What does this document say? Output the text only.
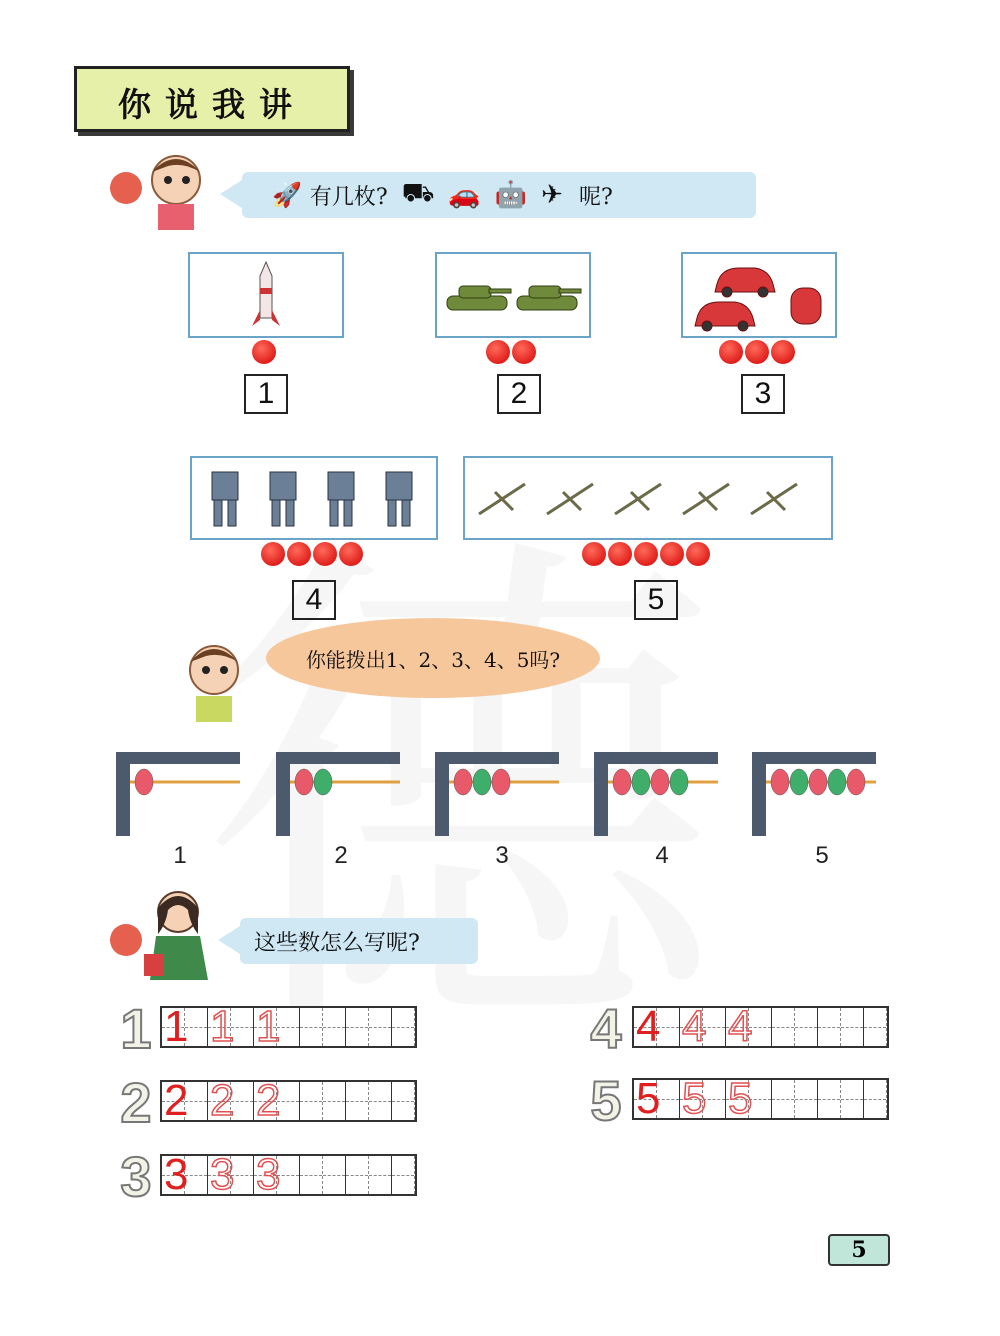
你说我讲
🚀 有几枚? ⛟ 🚗 🤖 ✈ 呢?
1	2	3
4	5
你能拨出1、2、3、4、5吗?
1	2	3	4	5
这些数怎么写呢?
1 1 1 1
2 2 2 2
3 3 3 3
4 4 4 4
5 5 5 5
5
